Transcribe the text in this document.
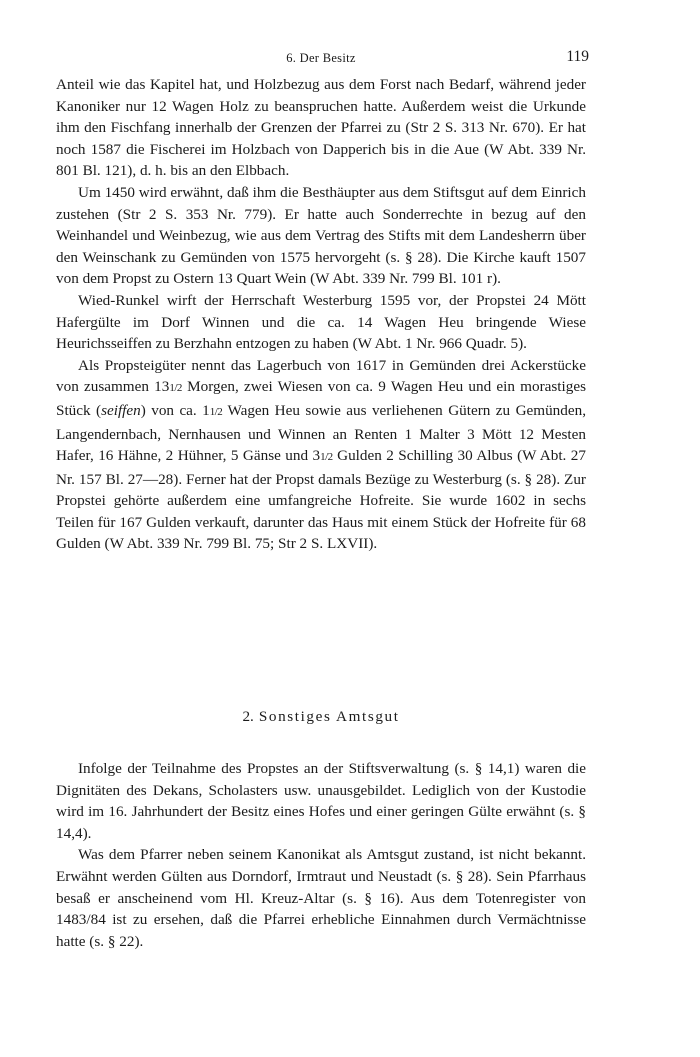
6. Der Besitz	119

Anteil wie das Kapitel hat, und Holzbezug aus dem Forst nach Bedarf, während jeder Kanoniker nur 12 Wagen Holz zu beanspruchen hatte. Außerdem weist die Urkunde ihm den Fischfang innerhalb der Grenzen der Pfarrei zu (Str 2 S. 313 Nr. 670). Er hat noch 1587 die Fischerei im Holzbach von Dapperich bis in die Aue (W Abt. 339 Nr. 801 Bl. 121), d. h. bis an den Elbbach.

Um 1450 wird erwähnt, daß ihm die Besthäupter aus dem Stiftsgut auf dem Einrich zustehen (Str 2 S. 353 Nr. 779). Er hatte auch Sonderrechte in bezug auf den Weinhandel und Weinbezug, wie aus dem Vertrag des Stifts mit dem Landesherrn über den Weinschank zu Gemünden von 1575 hervorgeht (s. § 28). Die Kirche kauft 1507 von dem Propst zu Ostern 13 Quart Wein (W Abt. 339 Nr. 799 Bl. 101 r).

Wied-Runkel wirft der Herrschaft Westerburg 1595 vor, der Propstei 24 Mött Hafergülte im Dorf Winnen und die ca. 14 Wagen Heu bringende Wiese Heurichsseiffen zu Berzhahn entzogen zu haben (W Abt. 1 Nr. 966 Quadr. 5).

Als Propsteigüter nennt das Lagerbuch von 1617 in Gemünden drei Ackerstücke von zusammen 131/2 Morgen, zwei Wiesen von ca. 9 Wagen Heu und ein morastiges Stück (seiffen) von ca. 11/2 Wagen Heu sowie aus verliehenen Gütern zu Gemünden, Langendernbach, Nernhausen und Winnen an Renten 1 Malter 3 Mött 12 Mesten Hafer, 16 Hähne, 2 Hühner, 5 Gänse und 31/2 Gulden 2 Schilling 30 Albus (W Abt. 27 Nr. 157 Bl. 27—28). Ferner hat der Propst damals Bezüge zu Westerburg (s. § 28). Zur Propstei gehörte außerdem eine umfangreiche Hofreite. Sie wurde 1602 in sechs Teilen für 167 Gulden verkauft, darunter das Haus mit einem Stück der Hofreite für 68 Gulden (W Abt. 339 Nr. 799 Bl. 75; Str 2 S. LXVII).

2. Sonstiges Amtsgut

Infolge der Teilnahme des Propstes an der Stiftsverwaltung (s. § 14,1) waren die Dignitäten des Dekans, Scholasters usw. unausgebildet. Lediglich von der Kustodie wird im 16. Jahrhundert der Besitz eines Hofes und einer geringen Gülte erwähnt (s. § 14,4).

Was dem Pfarrer neben seinem Kanonikat als Amtsgut zustand, ist nicht bekannt. Erwähnt werden Gülten aus Dorndorf, Irmtraut und Neustadt (s. § 28). Sein Pfarrhaus besaß er anscheinend vom Hl. Kreuz-Altar (s. § 16). Aus dem Totenregister von 1483/84 ist zu ersehen, daß die Pfarrei erhebliche Einnahmen durch Vermächtnisse hatte (s. § 22).
